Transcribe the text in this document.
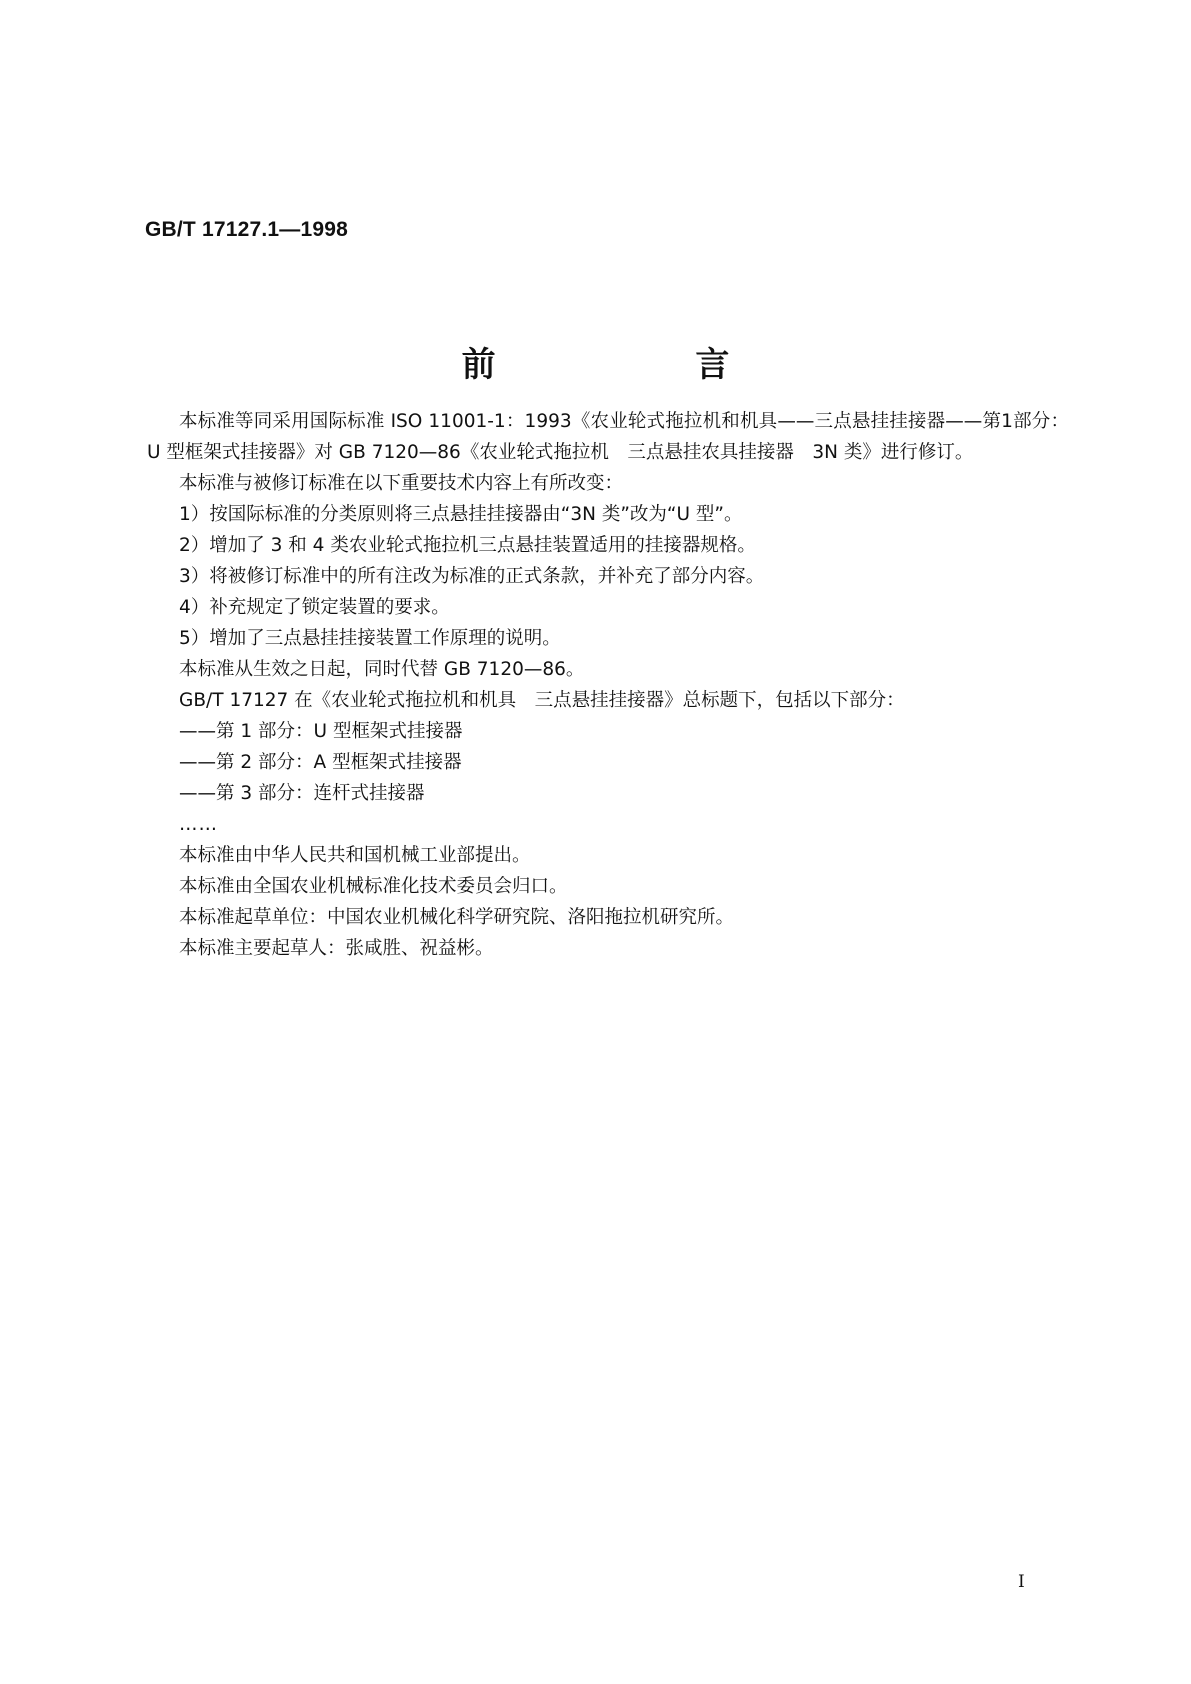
GB/T 17127.1—1998
前 言

本标准等同采用国际标准 ISO 11001-1：1993《农业轮式拖拉机和机具——三点悬挂挂接器——第1部分：U 型框架式挂接器》对 GB 7120—86《农业轮式拖拉机　三点悬挂农具挂接器　3N 类》进行修订。

本标准与被修订标准在以下重要技术内容上有所改变：

1）按国际标准的分类原则将三点悬挂挂接器由“3N 类”改为“U 型”。

2）增加了 3 和 4 类农业轮式拖拉机三点悬挂装置适用的挂接器规格。

3）将被修订标准中的所有注改为标准的正式条款，并补充了部分内容。

4）补充规定了锁定装置的要求。

5）增加了三点悬挂挂接装置工作原理的说明。

本标准从生效之日起，同时代替 GB 7120—86。

GB/T 17127 在《农业轮式拖拉机和机具　三点悬挂挂接器》总标题下，包括以下部分：

——第 1 部分：U 型框架式挂接器

——第 2 部分：A 型框架式挂接器

——第 3 部分：连杆式挂接器

……

本标准由中华人民共和国机械工业部提出。

本标准由全国农业机械标准化技术委员会归口。

本标准起草单位：中国农业机械化科学研究院、洛阳拖拉机研究所。

本标准主要起草人：张咸胜、祝益彬。

I
